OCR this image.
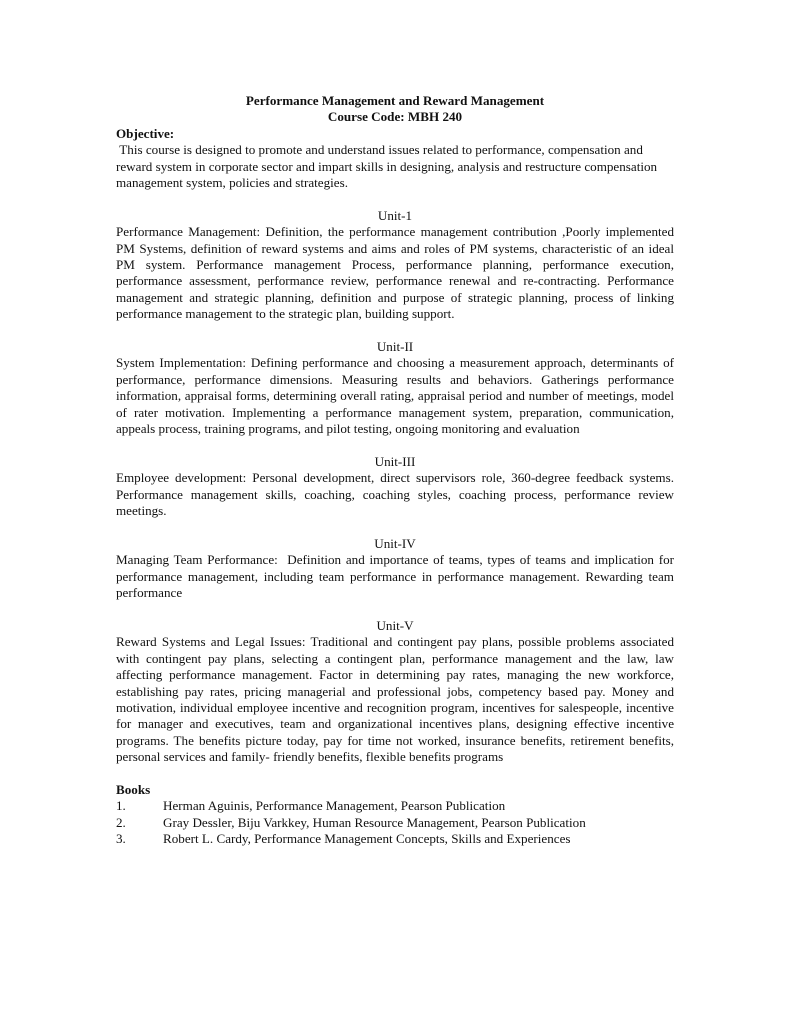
Performance Management and Reward Management
Course Code: MBH 240
Objective:
This course is designed to promote and understand issues related to performance, compensation and reward system in corporate sector and impart skills in designing, analysis and restructure compensation management system, policies and strategies.
Unit-1
Performance Management: Definition, the performance management contribution ,Poorly implemented PM Systems, definition of reward systems and aims and roles of PM systems, characteristic of an ideal PM system. Performance management Process, performance planning, performance execution, performance assessment, performance review, performance renewal and re-contracting. Performance management and strategic planning, definition and purpose of strategic planning, process of linking performance management to the strategic plan, building support.
Unit-II
System Implementation: Defining performance and choosing a measurement approach, determinants of performance, performance dimensions. Measuring results and behaviors. Gatherings performance information, appraisal forms, determining overall rating, appraisal period and number of meetings, model of rater motivation. Implementing a performance management system, preparation, communication, appeals process, training programs, and pilot testing, ongoing monitoring and evaluation
Unit-III
Employee development: Personal development, direct supervisors role, 360-degree feedback systems. Performance management skills, coaching, coaching styles, coaching process, performance review meetings.
Unit-IV
Managing Team Performance:  Definition and importance of teams, types of teams and implication for performance management, including team performance in performance management. Rewarding team performance
Unit-V
Reward Systems and Legal Issues: Traditional and contingent pay plans, possible problems associated with contingent pay plans, selecting a contingent plan, performance management and the law, law affecting performance management. Factor in determining pay rates, managing the new workforce, establishing pay rates, pricing managerial and professional jobs, competency based pay. Money and motivation, individual employee incentive and recognition program, incentives for salespeople, incentive for manager and executives, team and organizational incentives plans, designing effective incentive programs. The benefits picture today, pay for time not worked, insurance benefits, retirement benefits, personal services and family- friendly benefits, flexible benefits programs
Books
1.	Herman Aguinis, Performance Management, Pearson Publication
2.	Gray Dessler, Biju Varkkey, Human Resource Management, Pearson Publication
3.	Robert L. Cardy, Performance Management Concepts, Skills and Experiences
